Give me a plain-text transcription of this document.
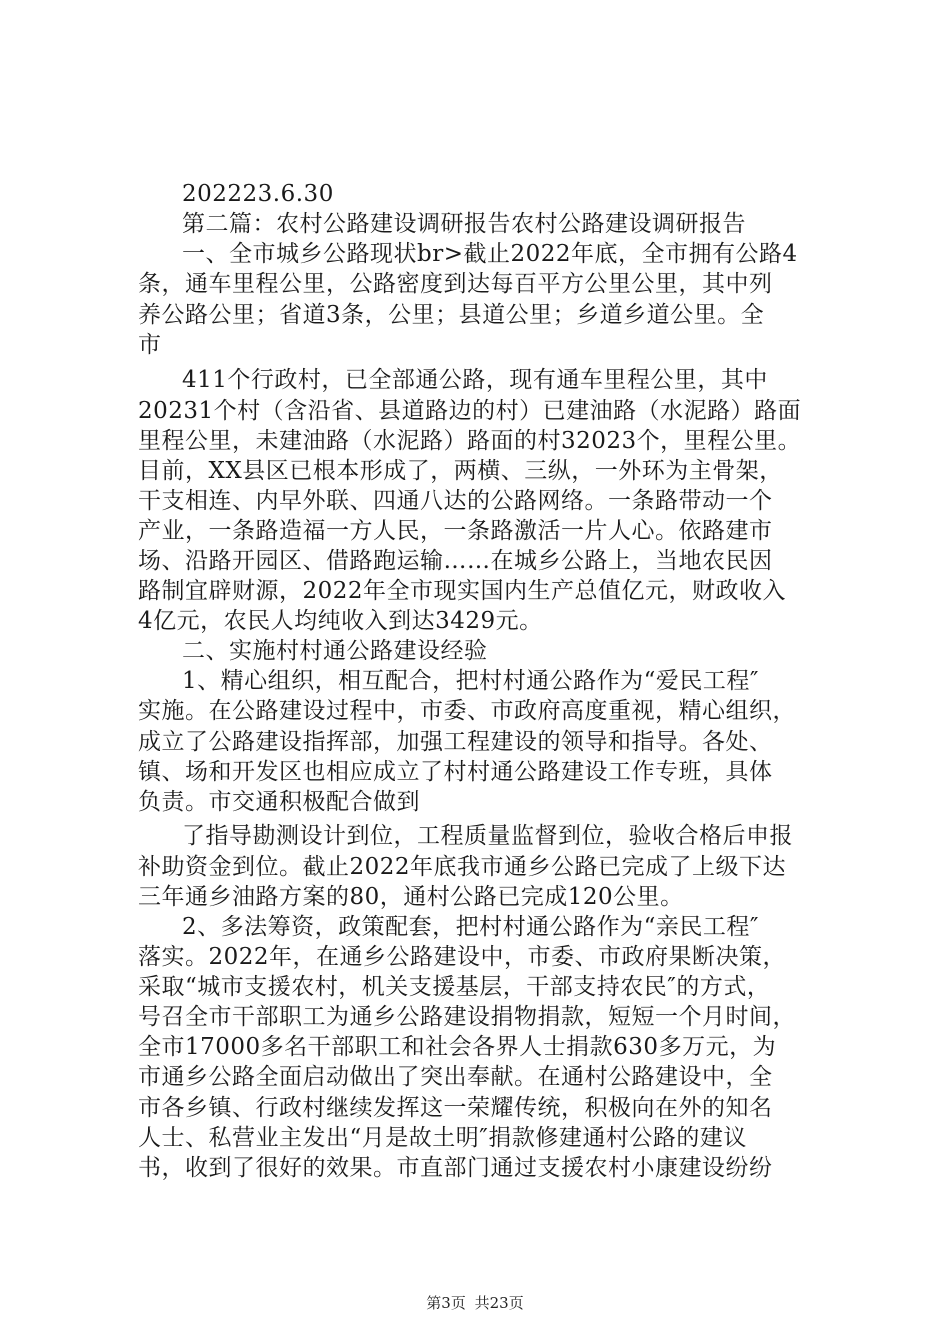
202223.6.30
第二篇：农村公路建设调研报告农村公路建设调研报告
一、全市城乡公路现状br>截止2022年底，全市拥有公路4
条，通车里程公里，公路密度到达每百平方公里公里，其中列
养公路公里；省道3条，公里；县道公里；乡道乡道公里。全
市
411个行政村，已全部通公路，现有通车里程公里，其中
20231个村（含沿省、县道路边的村）已建油路（水泥路）路面
里程公里，未建油路（水泥路）路面的村32023个，里程公里。
目前，XX县区已根本形成了，两横、三纵，一外环为主骨架，
干支相连、内早外联、四通八达的公路网络。一条路带动一个
产业，一条路造福一方人民，一条路激活一片人心。依路建市
场、沿路开园区、借路跑运输……在城乡公路上，当地农民因
路制宜辟财源，2022年全市现实国内生产总值亿元，财政收入
4亿元，农民人均纯收入到达3429元。
二、实施村村通公路建设经验
1、精心组织，相互配合，把村村通公路作为“爱民工程″
实施。在公路建设过程中，市委、市政府高度重视，精心组织，
成立了公路建设指挥部，加强工程建设的领导和指导。各处、
镇、场和开发区也相应成立了村村通公路建设工作专班，具体
负责。市交通积极配合做到
了指导勘测设计到位，工程质量监督到位，验收合格后申报
补助资金到位。截止2022年底我市通乡公路已完成了上级下达
三年通乡油路方案的80，通村公路已完成120公里。
2、多法筹资，政策配套，把村村通公路作为“亲民工程″
落实。2022年，在通乡公路建设中，市委、市政府果断决策，
采取“城市支援农村，机关支援基层，干部支持农民″的方式，
号召全市干部职工为通乡公路建设捐物捐款，短短一个月时间，
全市17000多名干部职工和社会各界人士捐款630多万元，为
市通乡公路全面启动做出了突出奉献。在通村公路建设中，全
市各乡镇、行政村继续发挥这一荣耀传统，积极向在外的知名
人士、私营业主发出“月是故土明″捐款修建通村公路的建议
书，收到了很好的效果。市直部门通过支援农村小康建设纷纷
第3页 共23页
